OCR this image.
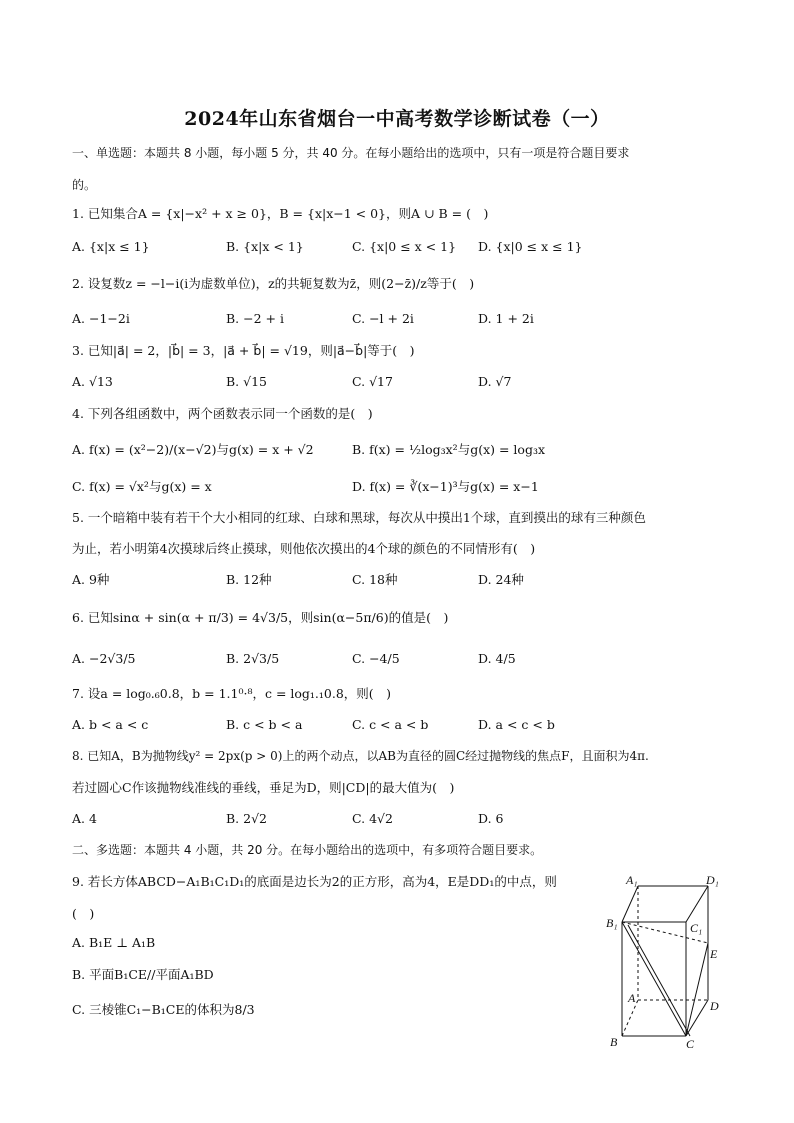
2024年山东省烟台一中高考数学诊断试卷（一）
一、单选题：本题共 8 小题，每小题 5 分，共 40 分。在每小题给出的选项中，只有一项是符合题目要求
的。
1. 已知集合A = {x|−x² + x ≥ 0}，B = {x|x−1 < 0}，则A ∪ B = (　)
A. {x|x ≤ 1}	B. {x|x < 1}	C. {x|0 ≤ x < 1} D. {x|0 ≤ x ≤ 1}
2. 设复数z = −l−i(i为虚数单位)，z的共轭复数为z̄，则(2−z̄)/z等于(　)
A. −1−2i	B. −2 + i	C. −l + 2i	D. 1 + 2i
3. 已知|a⃗| = 2，|b⃗| = 3，|a⃗ + b⃗| = √19，则|a⃗−b⃗|等于(　)
A. √13	B. √15	C. √17	D. √7
4. 下列各组函数中，两个函数表示同一个函数的是(　)
A. f(x) = (x²−2)/(x−√2)与g(x) = x + √2	B. f(x) = ½log₃x²与g(x) = log₃x
C. f(x) = √x²与g(x) = x	D. f(x) = ∛(x−1)³与g(x) = x−1
5. 一个暗箱中装有若干个大小相同的红球、白球和黑球，每次从中摸出1个球，直到摸出的球有三种颜色
为止，若小明第4次摸球后终止摸球，则他依次摸出的4个球的颜色的不同情形有(　)
A. 9种	B. 12种	C. 18种	D. 24种
6. 已知sinα + sin(α + π/3) = 4√3/5，则sin(α−5π/6)的值是(　)
A. −2√3/5	B. 2√3/5	C. −4/5	D. 4/5
7. 设a = log₀.₆0.8，b = 1.1⁰·⁸，c = log₁.₁0.8，则(　)
A. b < a < c	B. c < b < a	C. c < a < b	D. a < c < b
8. 已知A，B为抛物线y² = 2px(p > 0)上的两个动点，以AB为直径的圆C经过抛物线的焦点F，且面积为4π.
若过圆心C作该抛物线准线的垂线，垂足为D，则|CD|的最大值为(　)
A. 4	B. 2√2	C. 4√2	D. 6
二、多选题：本题共 4 小题，共 20 分。在每小题给出的选项中，有多项符合题目要求。
9. 若长方体ABCD−A₁B₁C₁D₁的底面是边长为2的正方形，高为4，E是DD₁的中点，则
(　)
A. B₁E ⊥ A₁B
B. 平面B₁CE//平面A₁BD
C. 三棱锥C₁−B₁CE的体积为8/3
A₁	D₁
B₁	C₁
E
A
D
B	C
